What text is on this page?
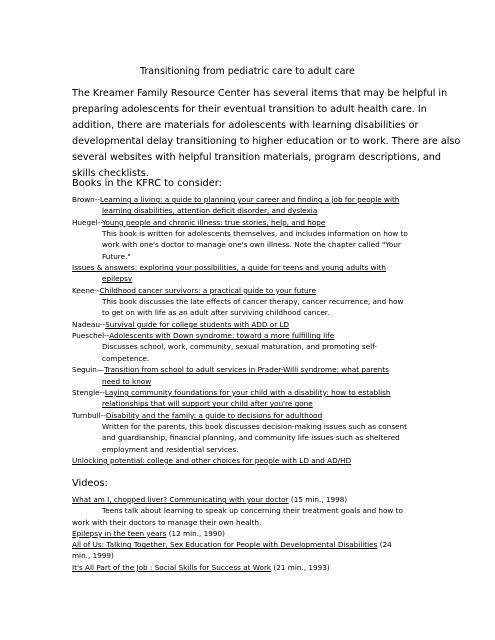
Transitioning from pediatric care to adult care
The Kreamer Family Resource Center has several items that may be helpful in preparing adolescents for their eventual transition to adult health care. In addition, there are materials for adolescents with learning disabilities or developmental delay transitioning to higher education or to work. There are also several websites with helpful transition materials, program descriptions, and skills checklists.
Books in the KFRC to consider:
Brown--Learning a living: a guide to planning your career and finding a job for people with
learning disabilities, attention deficit disorder, and dyslexia
Huegel--Young people and chronic illness: true stories, help, and hope
This book is written for adolescents themselves, and includes information on how to
work with one's doctor to manage one's own illness. Note the chapter called "Your
Future."
Issues & answers: exploring your possibilities, a guide for teens and young adults with
epilepsy
Keene--Childhood cancer survivors: a practical guide to your future
This book discusses the late effects of cancer therapy, cancer recurrence, and how
to get on with life as an adult after surviving childhood cancer.
Nadeau--Survival guide for college students with ADD or LD
Pueschel--Adolescents with Down syndrome: toward a more fulfilling life
Discusses school, work, community, sexual maturation, and promoting self-
competence.
Seguin—Transition from school to adult services in Prader-Willi syndrome: what parents
need to know
Stengle--Laying community foundations for your child with a disability: how to establish
relationships that will support your child after you're gone
Turnbull--Disability and the family: a guide to decisions for adulthood
Written for the parents, this book discusses decision-making issues such as consent
and guardianship, financial planning, and community life issues such as sheltered
employment and residential services.
Unlocking potential: college and other choices for people with LD and AD/HD
Videos:
What am I, chopped liver? Communicating with your doctor (15 min., 1998)
Teens talk about learning to speak up concerning their treatment goals and how to
work with their doctors to manage their own health.
Epilepsy in the teen years (12 min., 1990)
All of Us: Talking Together, Sex Education for People with Developmental Disabilities (24
min., 1999)
It's All Part of the Job : Social Skills for Success at Work (21 min., 1993)
